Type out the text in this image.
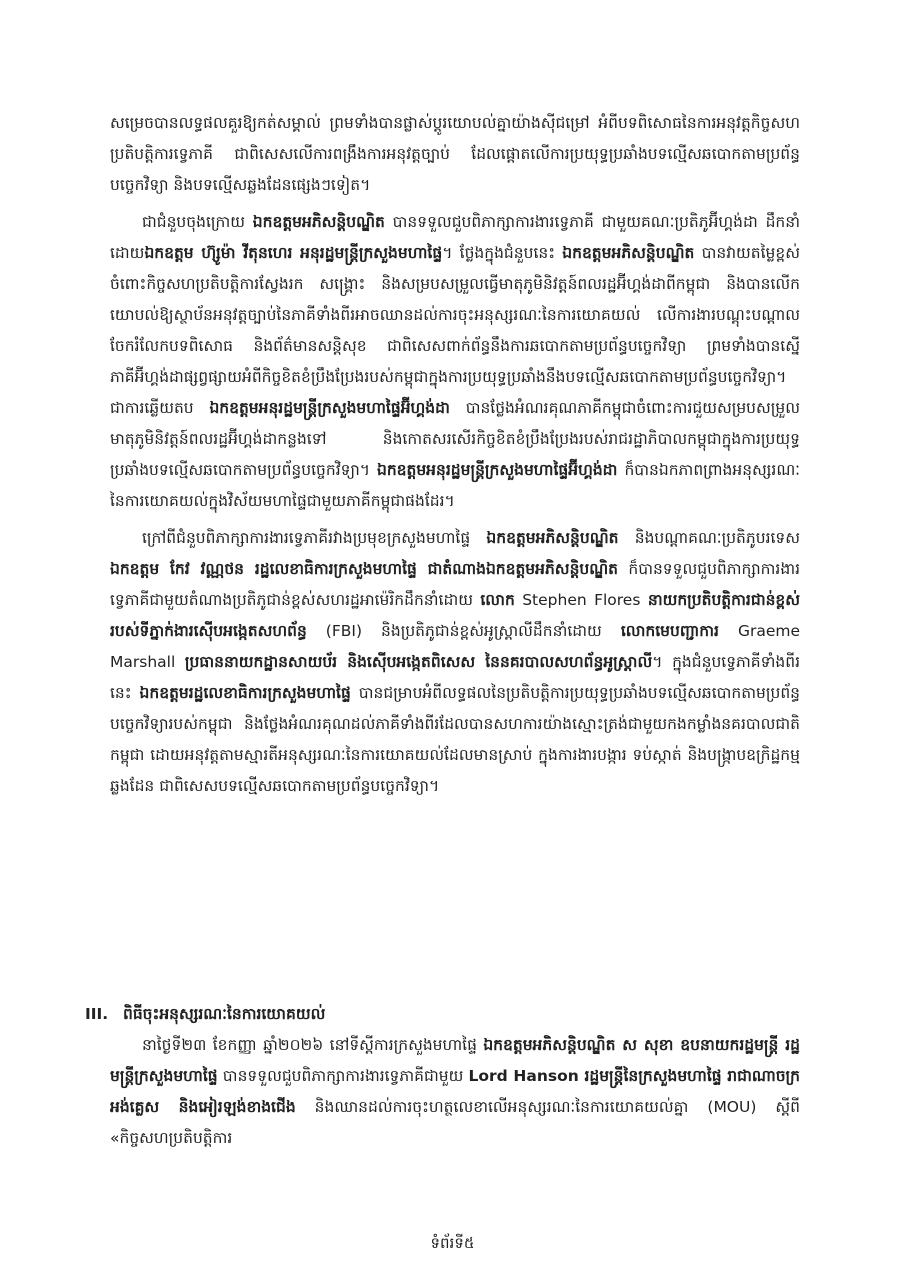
សម្រេចបានលទ្ធផលគួរឱ្យកត់សម្គាល់ ព្រមទាំងបានផ្លាស់ប្តូរយោបល់គ្នាយ៉ាងស៊ីជម្រៅ អំពីបទពិសោធនៃការអនុវត្តកិច្ចសហប្រតិបត្តិការទ្វេភាគី ជាពិសេសលើការពង្រឹងការអនុវត្តច្បាប់ ដែលផ្តោតលើការប្រយុទ្ធប្រឆាំងបទល្មើសឆបោកតាមប្រព័ន្ធបច្ចេកវិទ្យា និងបទល្មើសឆ្លងដែនផ្សេងៗទៀត។

ជាជំនួបចុងក្រោយ ឯកឧត្តមអភិសន្តិបណ្ឌិត បានទទួលជួបពិភាក្សាការងារទ្វេភាគី ជាមួយគណៈប្រតិភូអ៊ីហ្គង់ដា ដឹកនាំដោយឯកឧត្តម ហ៊្សូម៉ា វីតុនហេរ អនុរដ្ឋមន្ត្រីក្រសួងមហាផ្ទៃ។ ថ្លែងក្នុងជំនួបនេះ ឯកឧត្តមអភិសន្តិបណ្ឌិត បានវាយតម្លៃខ្ពស់ចំពោះកិច្ចសហប្រតិបត្តិការស្វែងរក សង្គ្រោះ និងសម្របសម្រួលធ្វើមាតុភូមិនិវត្តន៍ពលរដ្ឋអ៊ីហ្គង់ដាពីកម្ពុជា និងបានលើកយោបល់ឱ្យស្ថាប័នអនុវត្តច្បាប់នៃភាគីទាំងពីរអាចឈានដល់ការចុះអនុស្សរណៈនៃការយោគយល់ លើការងារបណ្តុះបណ្តាល ចែករំលែកបទពិសោធ និងព័ត៌មានសន្តិសុខ ជាពិសេសពាក់ព័ន្ធនឹងការឆបោកតាមប្រព័ន្ធបច្ចេកវិទ្យា ព្រមទាំងបានស្នើភាគីអ៊ីហ្គង់ដាផ្សព្វផ្សាយអំពីកិច្ចខិតខំប្រឹងប្រែងរបស់កម្ពុជាក្នុងការប្រយុទ្ធប្រឆាំងនឹងបទល្មើសឆបោកតាមប្រព័ន្ធបច្ចេកវិទ្យា។ ជាការឆ្លើយតប ឯកឧត្តមអនុរដ្ឋមន្ត្រីក្រសួងមហាផ្ទៃអ៊ីហ្គង់ដា បានថ្លែងអំណរគុណភាគីកម្ពុជាចំពោះការជួយសម្របសម្រួលមាតុភូមិនិវត្តន៍ពលរដ្ឋអ៊ីហ្គង់ដាកន្លងទៅ និងកោតសរសើរកិច្ចខិតខំប្រឹងប្រែងរបស់រាជរដ្ឋាភិបាលកម្ពុជាក្នុងការប្រយុទ្ធប្រឆាំងបទល្មើសឆបោកតាមប្រព័ន្ធបច្ចេកវិទ្យា។ ឯកឧត្តមអនុរដ្ឋមន្ត្រីក្រសួងមហាផ្ទៃអ៊ីហ្គង់ដា ក៏បានឯកភាពព្រាងអនុស្សរណៈនៃការយោគយល់ក្នុងវិស័យមហាផ្ទៃជាមួយភាគីកម្ពុជាផងដែរ។

ក្រៅពីជំនួបពិភាក្សាការងារទ្វេភាគីរវាងប្រមុខក្រសួងមហាផ្ទៃ ឯកឧត្តមអភិសន្តិបណ្ឌិត និងបណ្តាគណៈប្រតិភូបរទេស ឯកឧត្តម កែវ វណ្ណថន រដ្ឋលេខាធិការក្រសួងមហាផ្ទៃ ជាតំណាងឯកឧត្តមអភិសន្តិបណ្ឌិត ក៏បានទទួលជួបពិភាក្សាការងារទ្វេភាគីជាមួយតំណាងប្រតិភូជាន់ខ្ពស់សហរដ្ឋអាម៉េរិកដឹកនាំដោយ លោក Stephen Flores នាយកប្រតិបត្តិការជាន់ខ្ពស់របស់ទីភ្នាក់ងារស៊ើបអង្កេតសហព័ន្ធ (FBI) និងប្រតិភូជាន់ខ្ពស់អូស្ត្រាលីដឹកនាំដោយ លោកមេបញ្ជាការ Graeme Marshall ប្រធាននាយកដ្ឋានសាយប័រ និងស៊ើបអង្កេតពិសេស នៃនគរបាលសហព័ន្ធអូស្ត្រាលី។ ក្នុងជំនួបទ្វេភាគីទាំងពីរនេះ ឯកឧត្តមរដ្ឋលេខាធិការក្រសួងមហាផ្ទៃ បានជម្រាបអំពីលទ្ធផលនៃប្រតិបត្តិការប្រយុទ្ធប្រឆាំងបទល្មើសឆបោកតាមប្រព័ន្ធបច្ចេកវិទ្យារបស់កម្ពុជា និងថ្លែងអំណរគុណដល់ភាគីទាំងពីរដែលបានសហការយ៉ាងស្មោះត្រង់ជាមួយកងកម្លាំងនគរបាលជាតិកម្ពុជា ដោយអនុវត្តតាមស្មារតីអនុស្សរណៈនៃការយោគយល់ដែលមានស្រាប់ ក្នុងការងារបង្ការ ទប់ស្កាត់ និងបង្ក្រាបឧក្រិដ្ឋកម្មឆ្លងដែន ជាពិសេសបទល្មើសឆបោកតាមប្រព័ន្ធបច្ចេកវិទ្យា។

III. ពិធីចុះអនុស្សរណៈនៃការយោគយល់

នាថ្ងៃទី២៣ ខែកញ្ញា ឆ្នាំ២០២៦ នៅទីស្តីការក្រសួងមហាផ្ទៃ ឯកឧត្តមអភិសន្តិបណ្ឌិត ស សុខា ឧបនាយករដ្ឋមន្ត្រី រដ្ឋមន្ត្រីក្រសួងមហាផ្ទៃ បានទទួលជួបពិភាក្សាការងារទ្វេភាគីជាមួយ Lord Hanson រដ្ឋមន្ត្រីនៃក្រសួងមហាផ្ទៃ រាជាណាចក្រអង់គ្លេស និងអៀរឡង់ខាងជើង និងឈានដល់ការចុះហត្ថលេខាលើអនុស្សរណៈនៃការយោគយល់គ្នា (MOU) ស្តីពី «កិច្ចសហប្រតិបត្តិការ

ទំព័រទី៥
